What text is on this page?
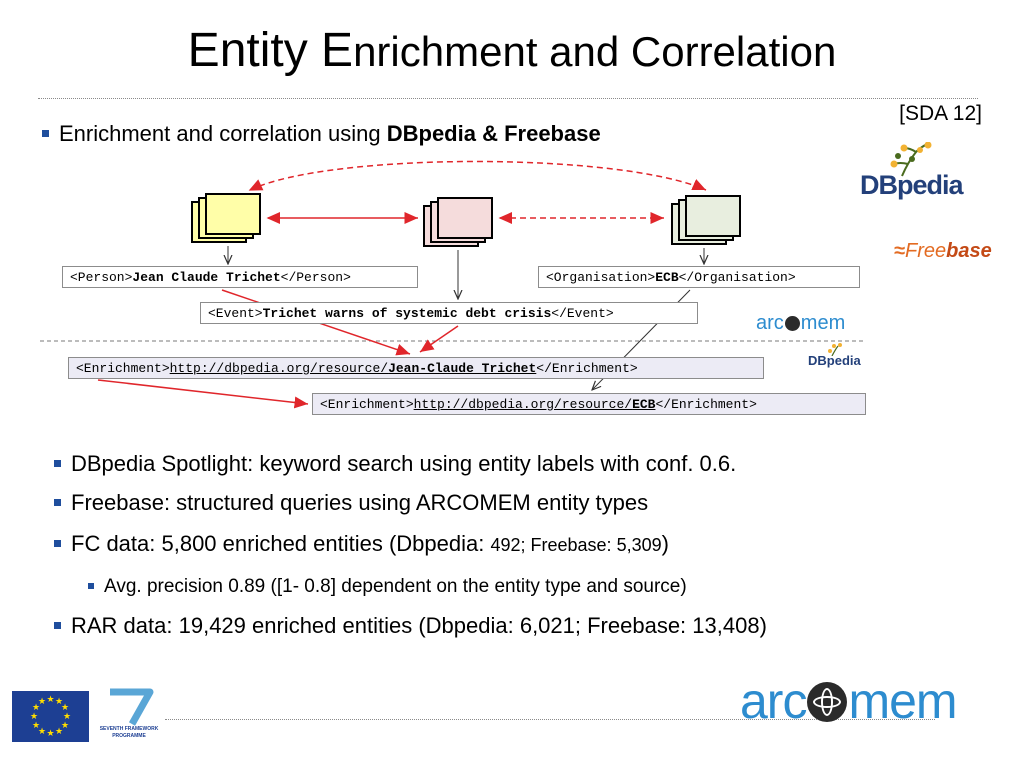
Entity Enrichment and Correlation
[SDA 12]
Enrichment and correlation using DBpedia & Freebase
<Person>Jean Claude Trichet</Person>	<Organisation>ECB</Organisation>
<Event>Trichet warns of systemic debt crisis</Event>
<Enrichment>http://dbpedia.org/resource/Jean-Claude_Trichet</Enrichment>
<Enrichment>http://dbpedia.org/resource/ECB</Enrichment>
DBpedia
≈Freebase
arc mem
DBpedia
DBpedia Spotlight: keyword search using entity labels with conf. 0.6.
Freebase: structured queries using ARCOMEM entity types
FC data: 5,800 enriched entities (Dbpedia: 492; Freebase: 5,309)
Avg. precision 0.89 ([1- 0.8] dependent on the entity type and source)
RAR data: 19,429 enriched entities (Dbpedia: 6,021; Freebase: 13,408)
★ ★
★
★
★
★
★
★
★
★
★
★
SEVENTH FRAMEWORK
PROGRAMME
arc mem
